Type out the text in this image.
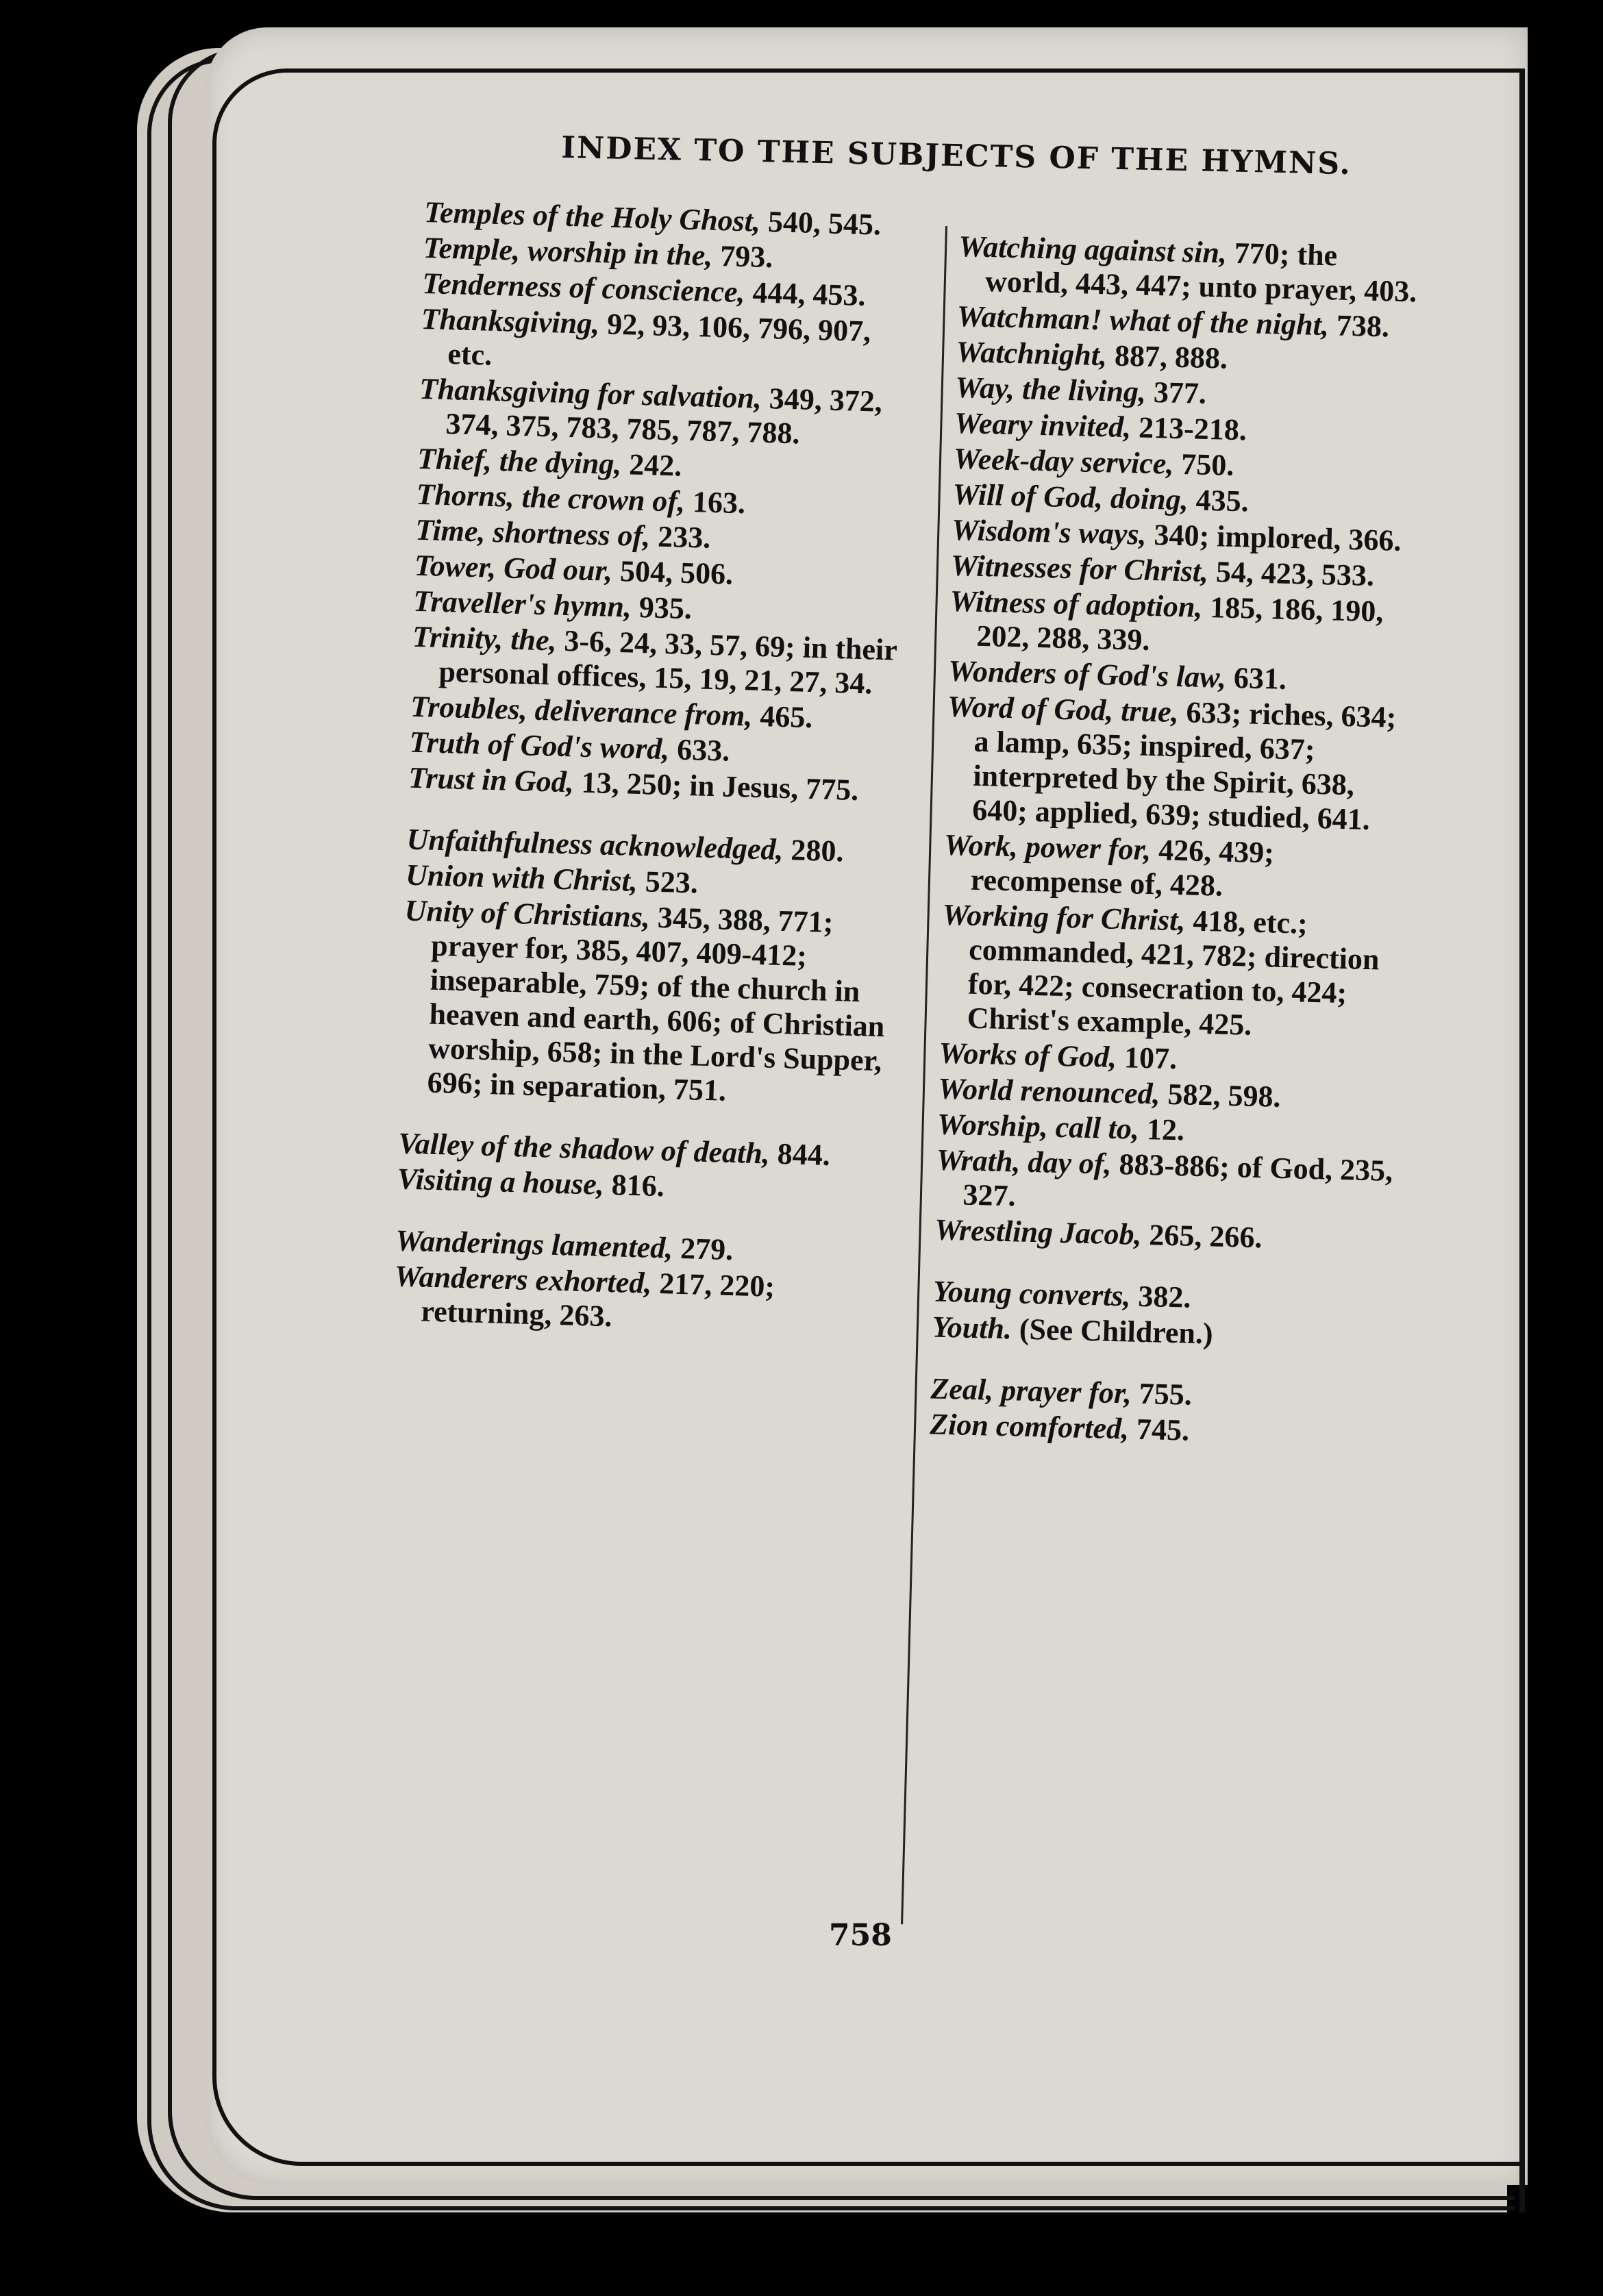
INDEX TO THE SUBJECTS OF THE HYMNS.
Temples of the Holy Ghost, 540, 545.
Temple, worship in the, 793.
Tenderness of conscience, 444, 453.
Thanksgiving, 92, 93, 106, 796, 907, etc.
Thanksgiving for salvation, 349, 372, 374, 375, 783, 785, 787, 788.
Thief, the dying, 242.
Thorns, the crown of, 163.
Time, shortness of, 233.
Tower, God our, 504, 506.
Traveller's hymn, 935.
Trinity, the, 3-6, 24, 33, 57, 69; in their personal offices, 15, 19, 21, 27, 34.
Troubles, deliverance from, 465.
Truth of God's word, 633.
Trust in God, 13, 250; in Jesus, 775.
Unfaithfulness acknowledged, 280.
Union with Christ, 523.
Unity of Christians, 345, 388, 771; prayer for, 385, 407, 409-412; inseparable, 759; of the church in heaven and earth, 606; of Christian worship, 658; in the Lord's Supper, 696; in separation, 751.
Valley of the shadow of death, 844.
Visiting a house, 816.
Wanderings lamented, 279.
Wanderers exhorted, 217, 220; returning, 263.
Watching against sin, 770; the world, 443, 447; unto prayer, 403.
Watchman! what of the night, 738.
Watchnight, 887, 888.
Way, the living, 377.
Weary invited, 213-218.
Week-day service, 750.
Will of God, doing, 435.
Wisdom's ways, 340; implored, 366.
Witnesses for Christ, 54, 423, 533.
Witness of adoption, 185, 186, 190, 202, 288, 339.
Wonders of God's law, 631.
Word of God, true, 633; riches, 634; a lamp, 635; inspired, 637; interpreted by the Spirit, 638, 640; applied, 639; studied, 641.
Work, power for, 426, 439; recompense of, 428.
Working for Christ, 418, etc.; commanded, 421, 782; direction for, 422; consecration to, 424; Christ's example, 425.
Works of God, 107.
World renounced, 582, 598.
Worship, call to, 12.
Wrath, day of, 883-886; of God, 235, 327.
Wrestling Jacob, 265, 266.
Young converts, 382.
Youth. (See Children.)
Zeal, prayer for, 755.
Zion comforted, 745.
758
